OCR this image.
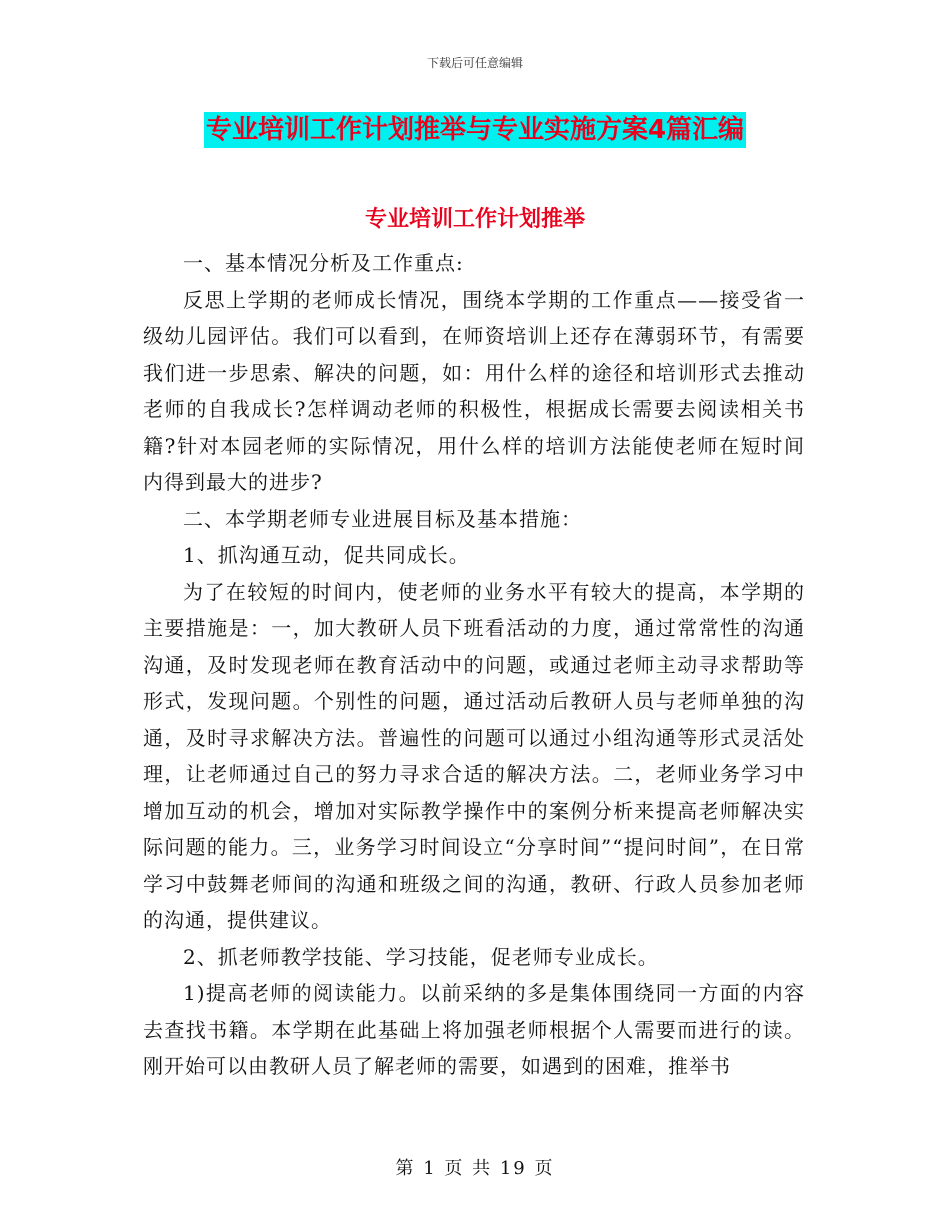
下载后可任意编辑
专业培训工作计划推举与专业实施方案4篇汇编
专业培训工作计划推举

一、基本情况分析及工作重点:

反思上学期的老师成长情况，围绕本学期的工作重点——接受省一级幼儿园评估。我们可以看到，在师资培训上还存在薄弱环节，有需要我们进一步思索、解决的问题，如：用什么样的途径和培训形式去推动老师的自我成长?怎样调动老师的积极性，根据成长需要去阅读相关书籍?针对本园老师的实际情况，用什么样的培训方法能使老师在短时间内得到最大的进步?

二、本学期老师专业进展目标及基本措施：

1、抓沟通互动，促共同成长。

为了在较短的时间内，使老师的业务水平有较大的提高，本学期的主要措施是：一，加大教研人员下班看活动的力度，通过常常性的沟通沟通，及时发现老师在教育活动中的问题，或通过老师主动寻求帮助等形式，发现问题。个别性的问题，通过活动后教研人员与老师单独的沟通，及时寻求解决方法。普遍性的问题可以通过小组沟通等形式灵活处理，让老师通过自己的努力寻求合适的解决方法。二，老师业务学习中增加互动的机会，增加对实际教学操作中的案例分析来提高老师解决实际问题的能力。三，业务学习时间设立“分享时间”“提问时间”，在日常学习中鼓舞老师间的沟通和班级之间的沟通，教研、行政人员参加老师的沟通，提供建议。

2、抓老师教学技能、学习技能，促老师专业成长。

1)提高老师的阅读能力。以前采纳的多是集体围绕同一方面的内容去查找书籍。本学期在此基础上将加强老师根据个人需要而进行的读。刚开始可以由教研人员了解老师的需要，如遇到的困难，推举书

第 1 页 共 19 页
